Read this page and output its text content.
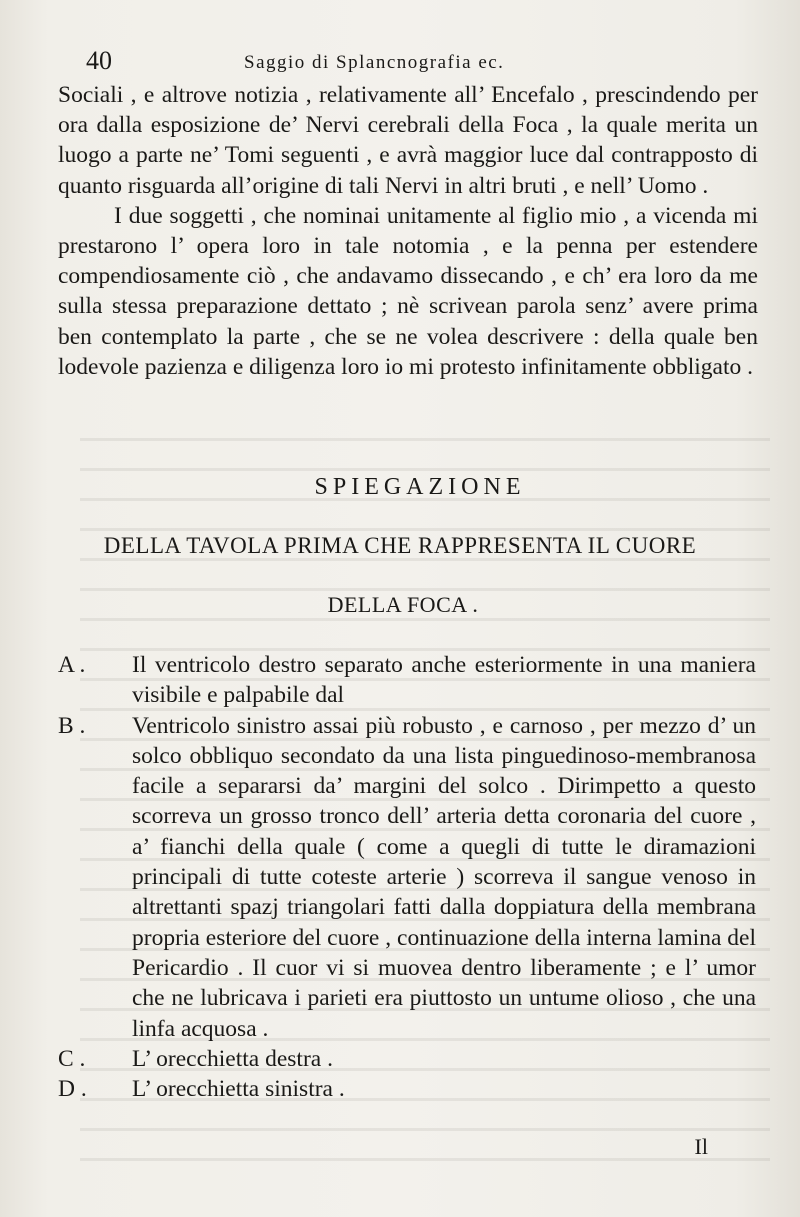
40	Saggio di Splancnografia ec.

Sociali , e altrove notizia , relativamente all’ Encefalo , prescindendo per ora dalla esposizione de’ Nervi cerebrali della Foca , la quale merita un luogo a parte ne’ Tomi seguenti , e avrà maggior luce dal contrapposto di quanto risguarda all’origine di tali Nervi in altri bruti , e nell’ Uomo .

I due soggetti , che nominai unitamente al figlio mio , a vicenda mi prestarono l’ opera loro in tale notomia , e la penna per estendere compendiosamente ciò , che andavamo dissecando , e ch’ era loro da me sulla stessa preparazione dettato ; nè scrivean parola senz’ avere prima ben contemplato la parte , che se ne volea descrivere : della quale ben lodevole pazienza e diligenza loro io mi protesto infinitamente obbligato .

SPIEGAZIONE
DELLA TAVOLA PRIMA CHE RAPPRESENTA IL CUORE
DELLA FOCA .
A .	Il ventricolo destro separato anche esteriormente in una maniera visibile e palpabile dal
B .	Ventricolo sinistro assai più robusto , e carnoso , per mezzo d’ un solco obbliquo secondato da una lista pinguedinoso-membranosa facile a separarsi da’ margini del solco . Dirimpetto a questo scorreva un grosso tronco dell’ arteria detta coronaria del cuore , a’ fianchi della quale ( come a quegli di tutte le diramazioni principali di tutte coteste arterie ) scorreva il sangue venoso in altrettanti spazj triangolari fatti dalla doppiatura della membrana propria esteriore del cuore , continuazione della interna lamina del Pericardio . Il cuor vi si muovea dentro liberamente ; e l’ umor che ne lubricava i parieti era piuttosto un untume olioso , che una linfa acquosa .
C .	L’ orecchietta destra .
D .	L’ orecchietta sinistra .
Il
